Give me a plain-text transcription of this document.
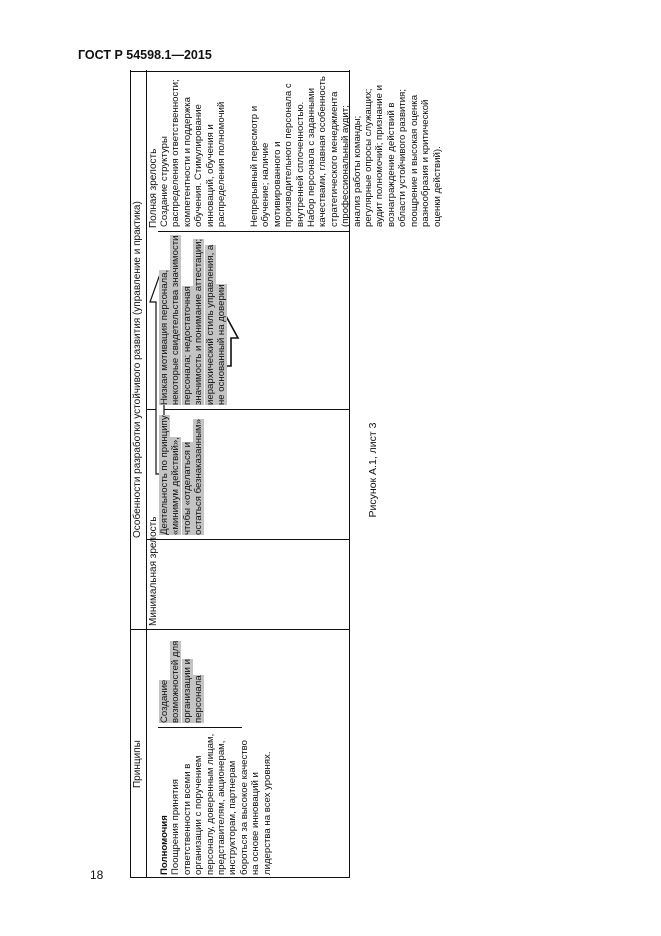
ГОСТ Р 54598.1—2015
18
Рисунок А.1, лист 3
Принципы
Особенности разработки устойчивого развития (управление и практика)
Минимальная зрелость
Полная зрелость
Полномочия Поощрения принятия ответственности всеми в организации с поручением персоналу, доверенным лицам, представителям, акционерам, инструкторам, партнерам бороться за высокое качество на основе инноваций и лидерства на всех уровнях.
Создание возможностей для организации и персонала
Деятельность по принципу «минимум действий», чтобы «отделаться и остаться безнаказанным»
Низкая мотивация персонала, некоторые свидетельства значимости персонала; недостаточная значимость и понимание аттестации; иерархический стиль управления, а не основанный на доверии
Создание структуры распределения ответственности; компетентности и поддержка обучения. Стимулирование инноваций, обучения и распределения полномочий	Непрерывный пересмотр и обучение; наличие мотивированного и производительного персонала с внутренней сплоченностью. Набор персонала с заданными качествами, главная особенность стратегического менеджмента (профессиональный аудит; анализ работы команды; регулярные опросы служащих; аудит полномочий; признание и вознаграждение действий в области устойчивого развития; поощрение и высокая оценка разнообразия и критической оценки действий).
